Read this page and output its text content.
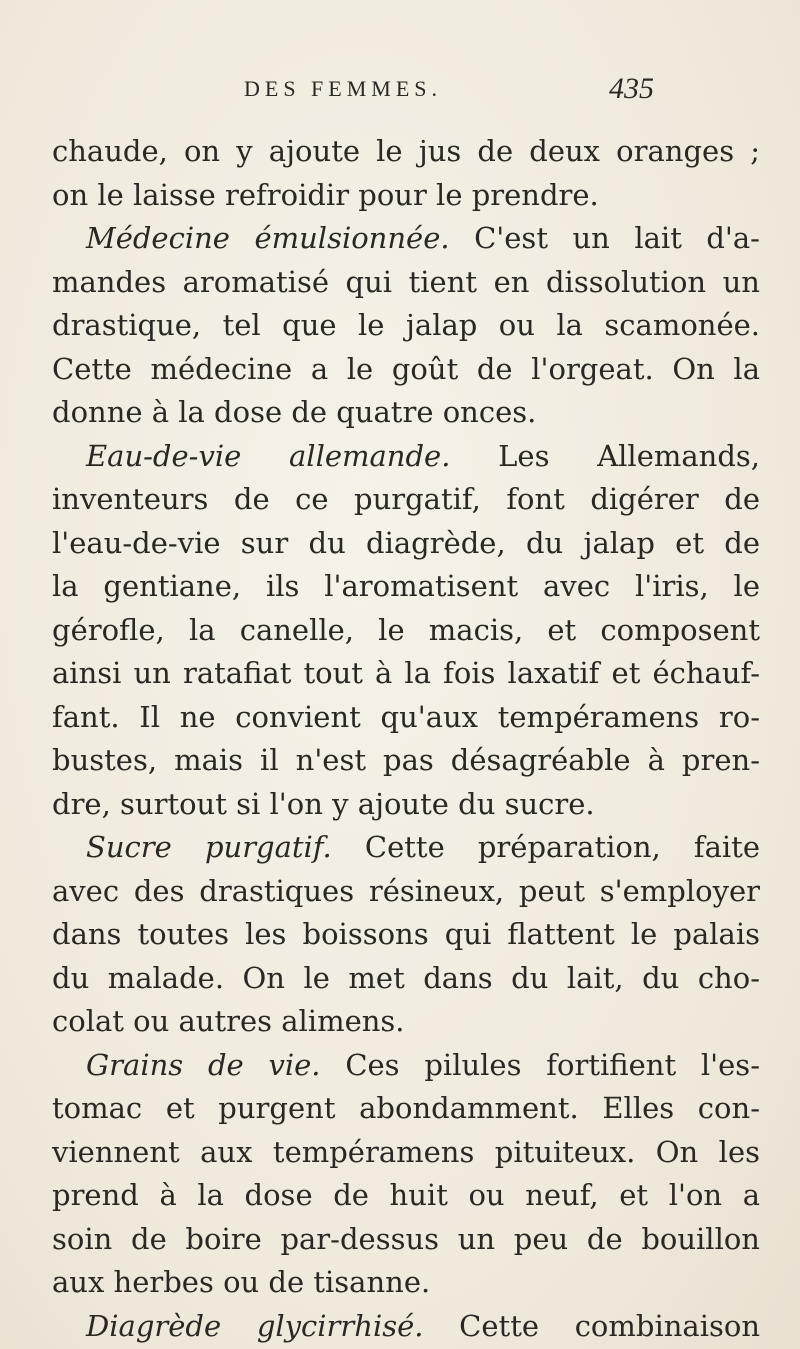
DES FEMMES.	435
chaude, on y ajoute le jus de deux oranges ;
on le laisse refroidir pour le prendre.
Médecine émulsionnée. C'est un lait d'a-
mandes aromatisé qui tient en dissolution un
drastique, tel que le jalap ou la scamonée.
Cette médecine a le goût de l'orgeat. On la
donne à la dose de quatre onces.
Eau-de-vie allemande. Les Allemands,
inventeurs de ce purgatif, font digérer de
l'eau-de-vie sur du diagrède, du jalap et de
la gentiane, ils l'aromatisent avec l'iris, le
gérofle, la canelle, le macis, et composent
ainsi un ratafiat tout à la fois laxatif et échauf-
fant. Il ne convient qu'aux tempéramens ro-
bustes, mais il n'est pas désagréable à pren-
dre, surtout si l'on y ajoute du sucre.
Sucre purgatif. Cette préparation, faite
avec des drastiques résineux, peut s'employer
dans toutes les boissons qui flattent le palais
du malade. On le met dans du lait, du cho-
colat ou autres alimens.
Grains de vie. Ces pilules fortifient l'es-
tomac et purgent abondamment. Elles con-
viennent aux tempéramens pituiteux. On les
prend à la dose de huit ou neuf, et l'on a
soin de boire par-dessus un peu de bouillon
aux herbes ou de tisanne.
Diagrède glycirrhisé. Cette combinaison
